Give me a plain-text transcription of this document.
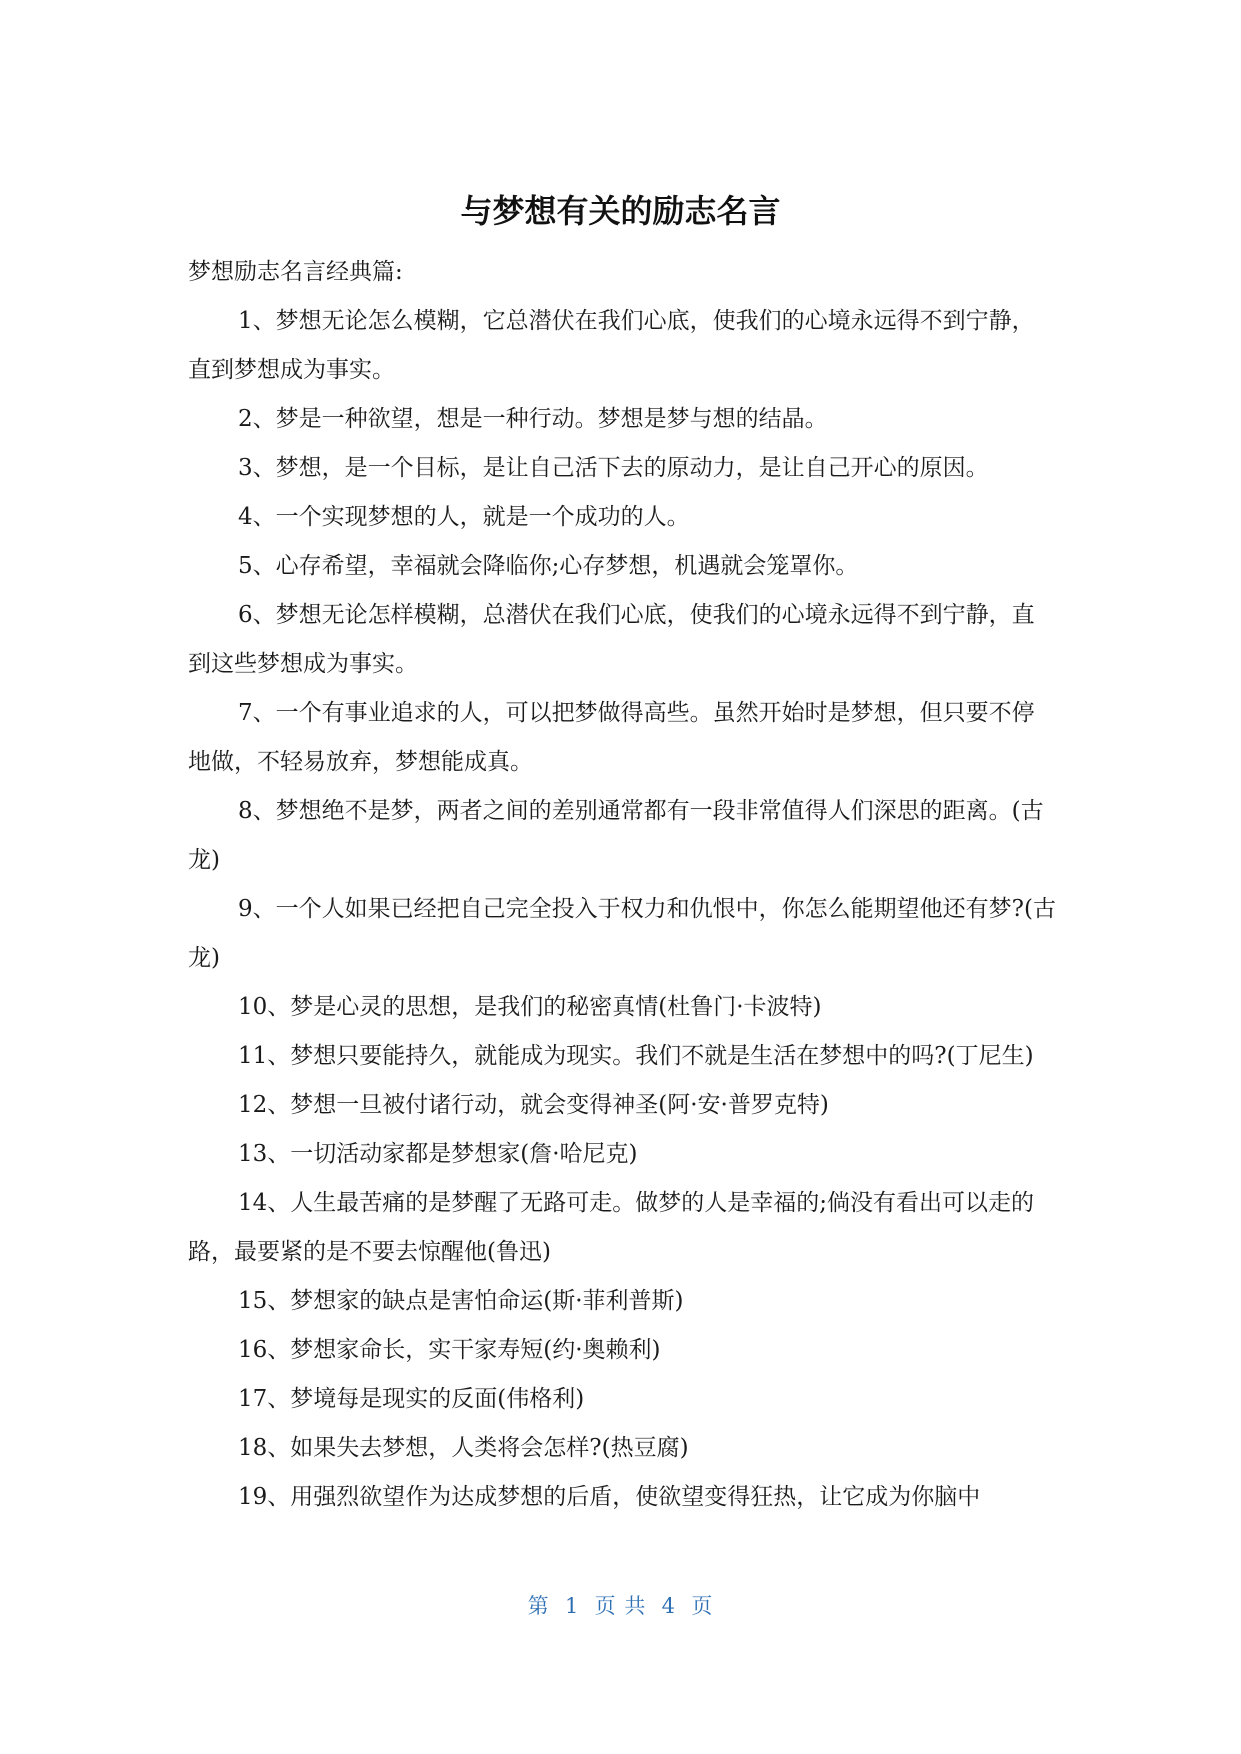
与梦想有关的励志名言

梦想励志名言经典篇:

1、梦想无论怎么模糊，它总潜伏在我们心底，使我们的心境永远得不到宁静，直到梦想成为事实。

2、梦是一种欲望，想是一种行动。梦想是梦与想的结晶。

3、梦想，是一个目标，是让自己活下去的原动力，是让自己开心的原因。

4、一个实现梦想的人，就是一个成功的人。

5、心存希望，幸福就会降临你;心存梦想，机遇就会笼罩你。

6、梦想无论怎样模糊，总潜伏在我们心底，使我们的心境永远得不到宁静，直到这些梦想成为事实。

7、一个有事业追求的人，可以把梦做得高些。虽然开始时是梦想，但只要不停地做，不轻易放弃，梦想能成真。

8、梦想绝不是梦，两者之间的差别通常都有一段非常值得人们深思的距离。(古龙)

9、一个人如果已经把自己完全投入于权力和仇恨中，你怎么能期望他还有梦?(古龙)

10、梦是心灵的思想，是我们的秘密真情(杜鲁门·卡波特)

11、梦想只要能持久，就能成为现实。我们不就是生活在梦想中的吗?(丁尼生)

12、梦想一旦被付诸行动，就会变得神圣(阿·安·普罗克特)

13、一切活动家都是梦想家(詹·哈尼克)

14、人生最苦痛的是梦醒了无路可走。做梦的人是幸福的;倘没有看出可以走的路，最要紧的是不要去惊醒他(鲁迅)

15、梦想家的缺点是害怕命运(斯·菲利普斯)

16、梦想家命长，实干家寿短(约·奥赖利)

17、梦境每是现实的反面(伟格利)

18、如果失去梦想，人类将会怎样?(热豆腐)

19、用强烈欲望作为达成梦想的后盾，使欲望变得狂热，让它成为你脑中

第  1  页 共  4  页
